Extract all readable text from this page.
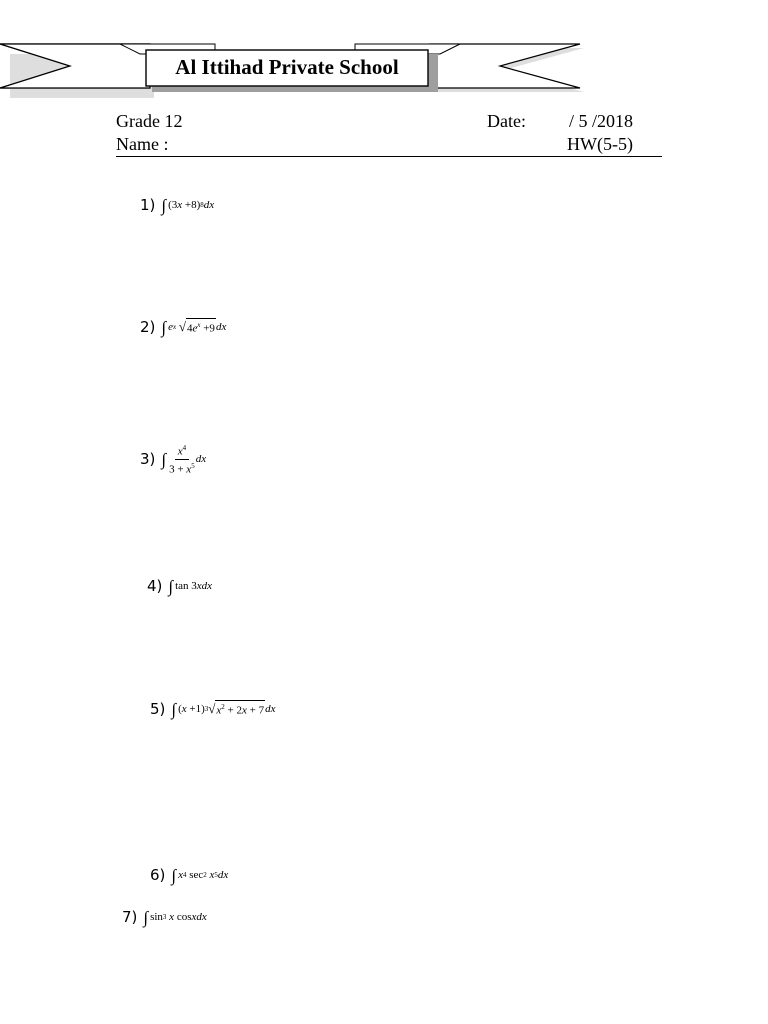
Al Ittihad Private School
Grade 12
Name :
Date: / 5 /2018
HW(5-5)
1) ∫ (3 x +8) 8 dx
2) ∫ e x
√ $4e^x +9$ dx
3) ∫ $\frac{x^4}{3 + x^5}$ dx
4) ∫ tan 3 xdx
5) ∫ ( x +1) 3 √ $x^2 + 2x + 7$ dx
6) ∫ x 4 sec 2
x 5 dx
7) ∫ sin 3
x cos xdx
